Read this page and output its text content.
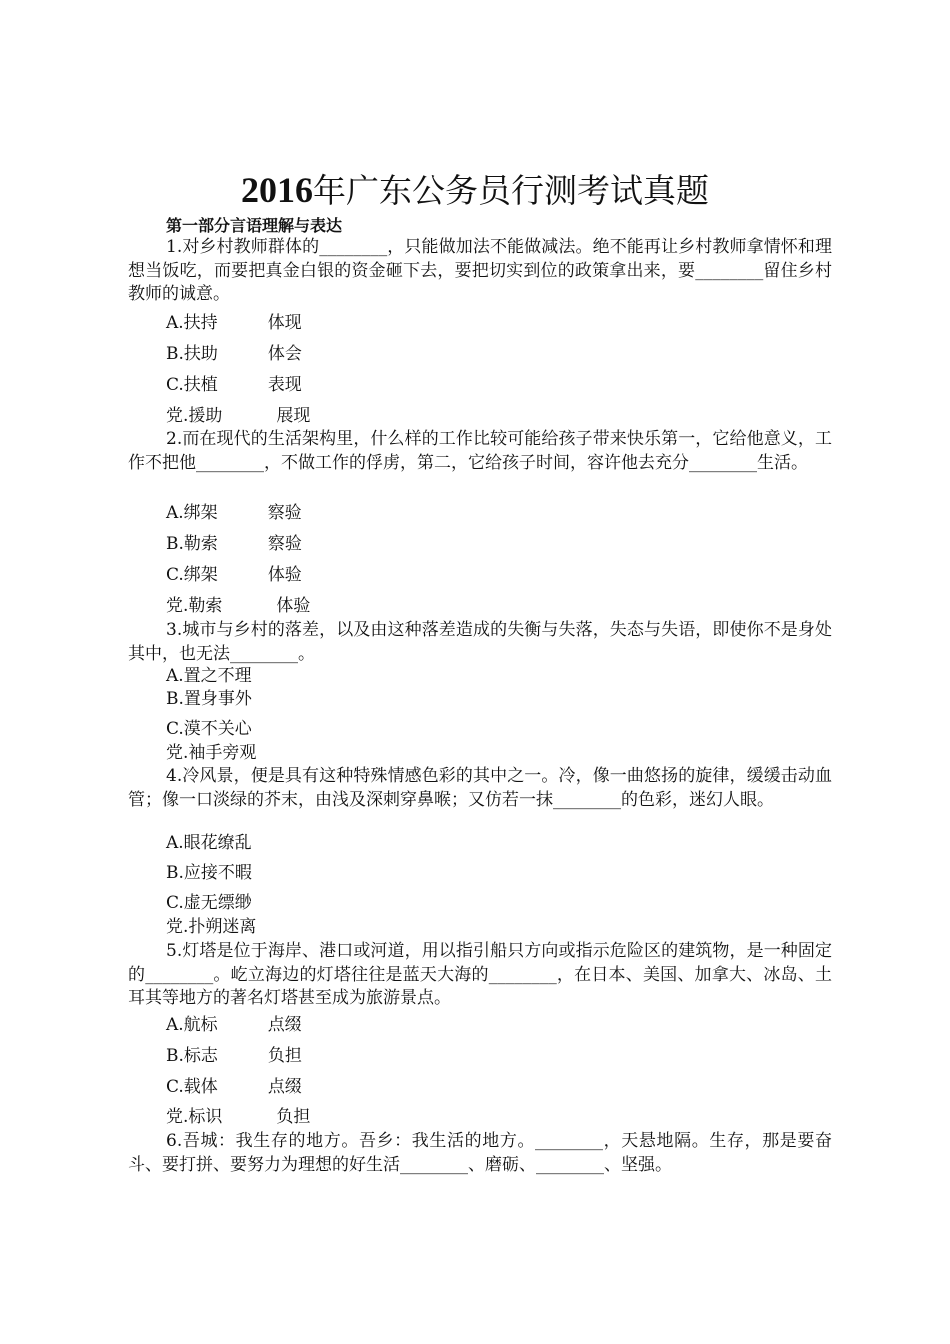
2016年广东公务员行测考试真题
第一部分言语理解与表达

1.对乡村教师群体的________，只能做加法不能做减法。绝不能再让乡村教师拿情怀和理想当饭吃，而要把真金白银的资金砸下去，要把切实到位的政策拿出来，要________留住乡村教师的诚意。

A.扶持	体现
B.扶助	体会
C.扶植	表现
党.援助	展现

2.而在现代的生活架构里，什么样的工作比较可能给孩子带来快乐第一，它给他意义，工作不把他________，不做工作的俘虏，第二，它给孩子时间，容许他去充分________生活。

A.绑架	察验
B.勒索	察验
C.绑架	体验
党.勒索	体验

3.城市与乡村的落差，以及由这种落差造成的失衡与失落，失态与失语，即使你不是身处其中，也无法________。

A.置之不理
B.置身事外
C.漠不关心
党.袖手旁观

4.冷风景，便是具有这种特殊情感色彩的其中之一。冷，像一曲悠扬的旋律，缓缓击动血管；像一口淡绿的芥末，由浅及深刺穿鼻喉；又仿若一抹________的色彩，迷幻人眼。

A.眼花缭乱
B.应接不暇
C.虚无缥缈
党.扑朔迷离

5.灯塔是位于海岸、港口或河道，用以指引船只方向或指示危险区的建筑物，是一种固定的________。屹立海边的灯塔往往是蓝天大海的________，在日本、美国、加拿大、冰岛、土耳其等地方的著名灯塔甚至成为旅游景点。

A.航标	点缀
B.标志	负担
C.载体	点缀
党.标识	负担

6.吾城：我生存的地方。吾乡：我生活的地方。________，天悬地隔。生存，那是要奋斗、要打拼、要努力为理想的好生活________、磨砺、________、坚强。
